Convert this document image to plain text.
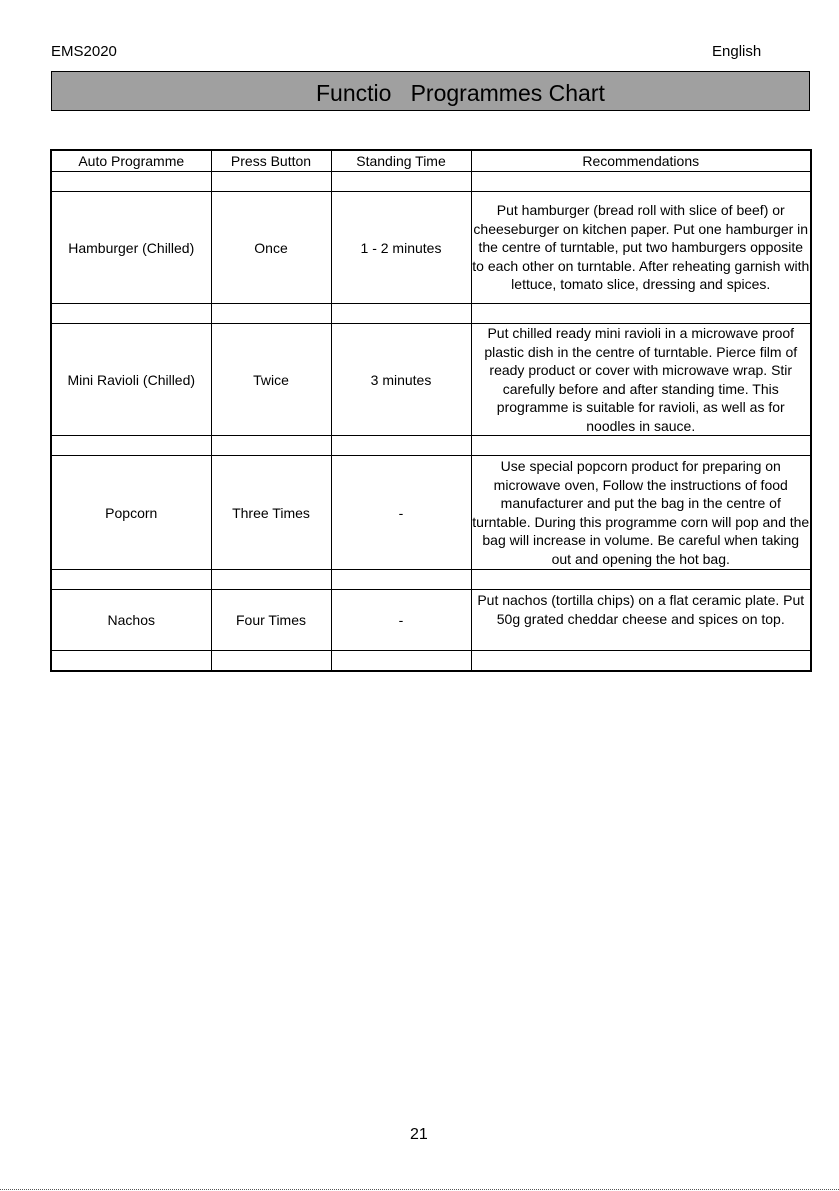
EMS2020	English
Functio   Programmes Chart
Auto Programme	Press Button	Standing Time	Recommendations

Hamburger (Chilled)	Once	1 - 2 minutes	Put hamburger (bread roll with slice of beef) or cheeseburger on kitchen paper. Put one hamburger in the centre of turntable, put two hamburgers opposite to each other on turntable. After reheating garnish with lettuce, tomato slice, dressing and spices.

Mini Ravioli (Chilled)	Twice	3 minutes	Put chilled ready mini ravioli in a microwave proof plastic dish in the centre of turntable. Pierce film of ready product or cover with microwave wrap. Stir carefully before and after standing time. This programme is suitable for ravioli, as well as for noodles in sauce.

Popcorn	Three Times	-	Use special popcorn product for preparing on microwave oven, Follow the instructions of food manufacturer and put the bag in the centre of turntable. During this programme corn will pop and the bag will increase in volume. Be careful when taking out and opening the hot bag.

Nachos	Four Times	-	Put nachos (tortilla chips) on a flat ceramic plate. Put 50g grated cheddar cheese and spices on top.

21
